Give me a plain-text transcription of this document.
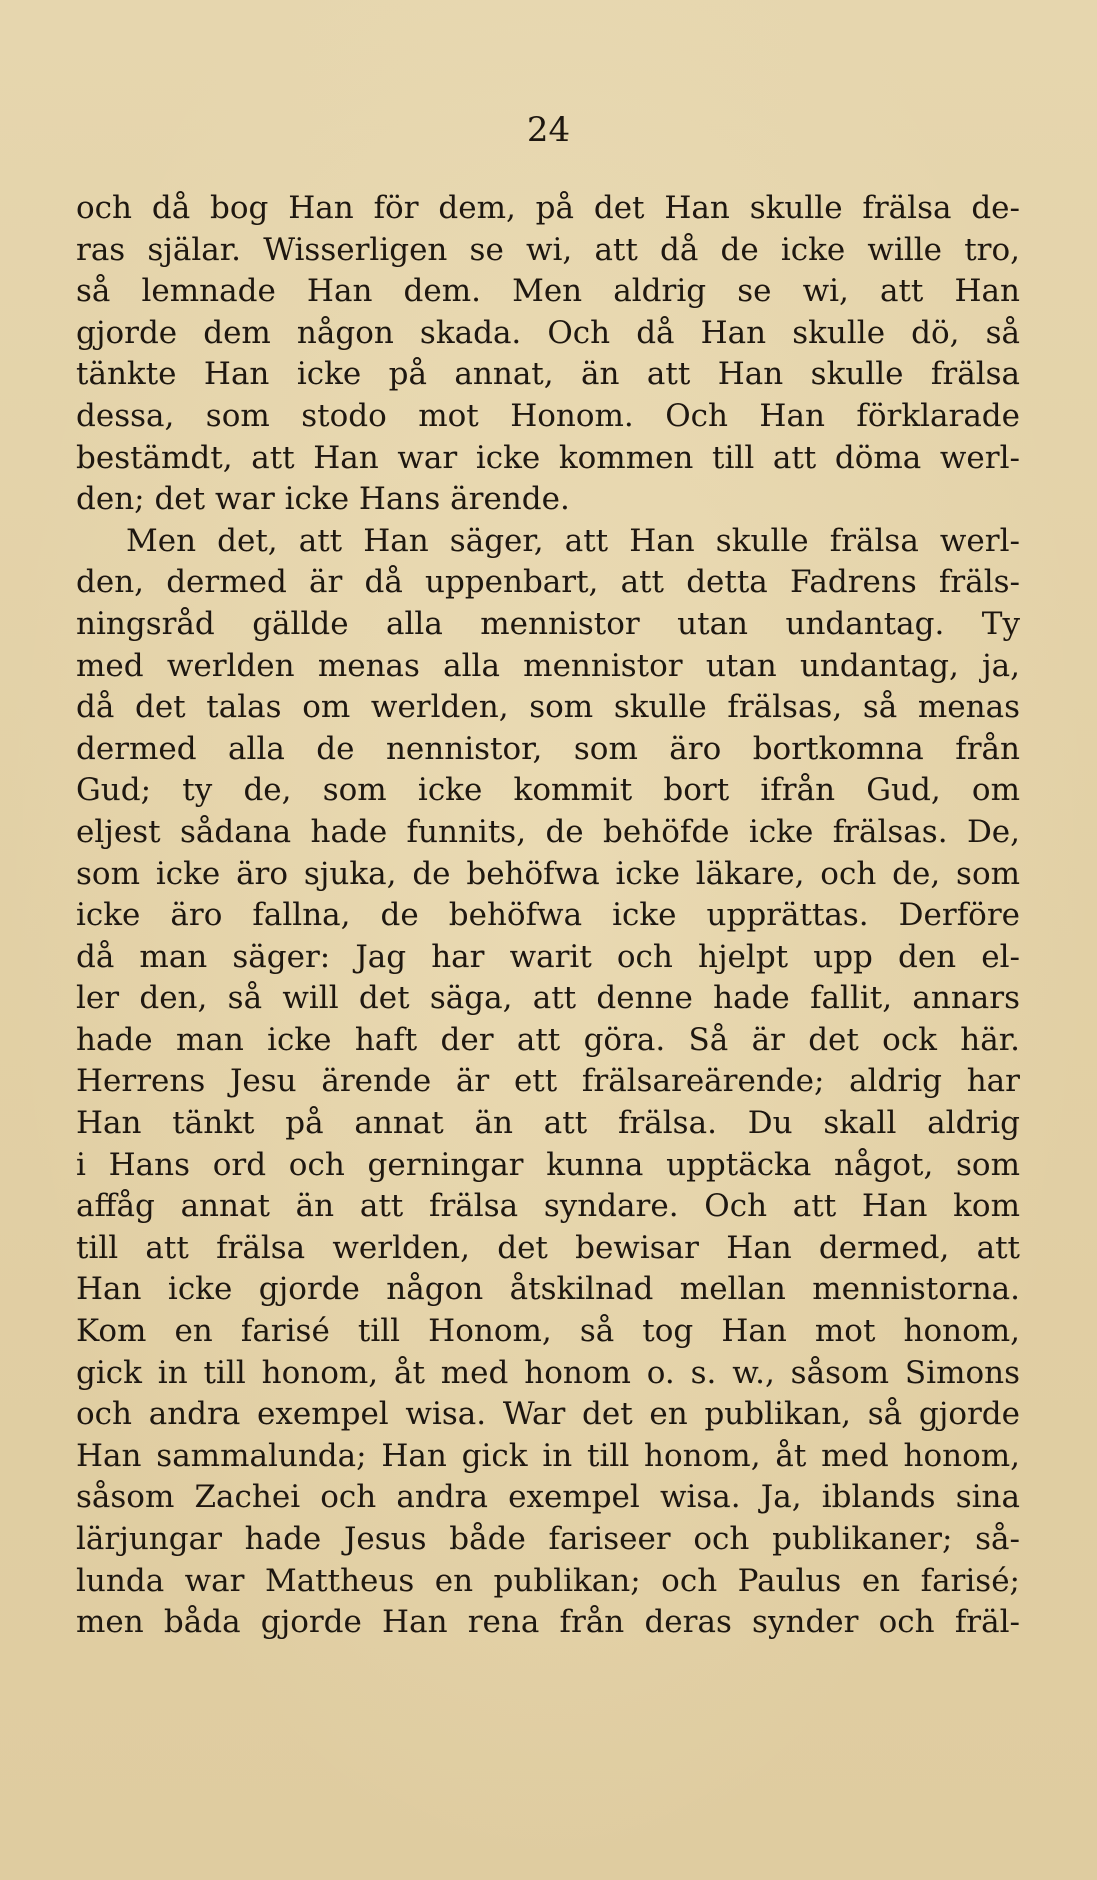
24
och då bog Han för dem, på det Han skulle frälsa de-
ras själar. Wisserligen se wi, att då de icke wille tro,
så lemnade Han dem. Men aldrig se wi, att Han
gjorde dem någon skada. Och då Han skulle dö, så
tänkte Han icke på annat, än att Han skulle frälsa
dessa, som stodo mot Honom. Och Han förklarade
bestämdt, att Han war icke kommen till att döma werl-
den; det war icke Hans ärende.
Men det, att Han säger, att Han skulle frälsa werl-
den, dermed är då uppenbart, att detta Fadrens fräls-
ningsråd gällde alla mennistor utan undantag. Ty
med werlden menas alla mennistor utan undantag, ja,
då det talas om werlden, som skulle frälsas, så menas
dermed alla de nennistor, som äro bortkomna från
Gud; ty de, som icke kommit bort ifrån Gud, om
eljest sådana hade funnits, de behöfde icke frälsas. De,
som icke äro sjuka, de behöfwa icke läkare, och de, som
icke äro fallna, de behöfwa icke upprättas. Derföre
då man säger: Jag har warit och hjelpt upp den el-
ler den, så will det säga, att denne hade fallit, annars
hade man icke haft der att göra. Så är det ock här.
Herrens Jesu ärende är ett frälsareärende; aldrig har
Han tänkt på annat än att frälsa. Du skall aldrig
i Hans ord och gerningar kunna upptäcka något, som
affåg annat än att frälsa syndare. Och att Han kom
till att frälsa werlden, det bewisar Han dermed, att
Han icke gjorde någon åtskilnad mellan mennistorna.
Kom en farisé till Honom, så tog Han mot honom,
gick in till honom, åt med honom o. s. w., såsom Simons
och andra exempel wisa. War det en publikan, så gjorde
Han sammalunda; Han gick in till honom, åt med honom,
såsom Zachei och andra exempel wisa. Ja, iblands sina
lärjungar hade Jesus både fariseer och publikaner; så-
lunda war Mattheus en publikan; och Paulus en farisé;
men båda gjorde Han rena från deras synder och fräl-
